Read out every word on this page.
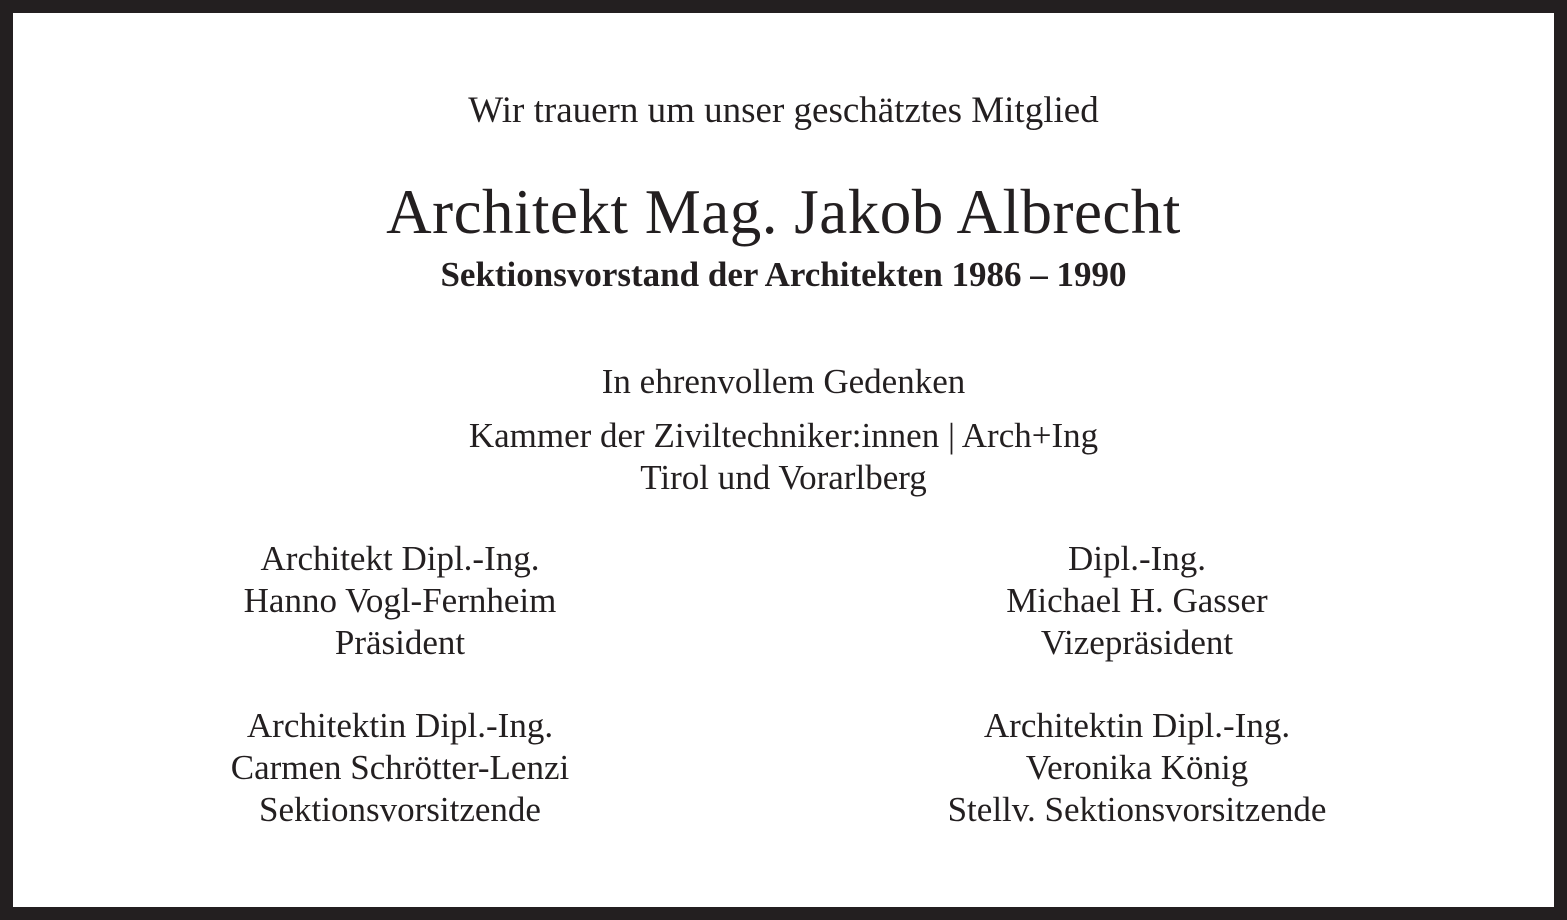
Wir trauern um unser geschätztes Mitglied
Architekt Mag. Jakob Albrecht
Sektionsvorstand der Architekten 1986 – 1990
In ehrenvollem Gedenken
Kammer der Ziviltechniker:innen | Arch+Ing
Tirol und Vorarlberg
Architekt Dipl.-Ing.
Hanno Vogl-Fernheim
Präsident
Dipl.-Ing.
Michael H. Gasser
Vizepräsident
Architektin Dipl.-Ing.
Carmen Schrötter-Lenzi
Sektionsvorsitzende
Architektin Dipl.-Ing.
Veronika König
Stellv. Sektionsvorsitzende
